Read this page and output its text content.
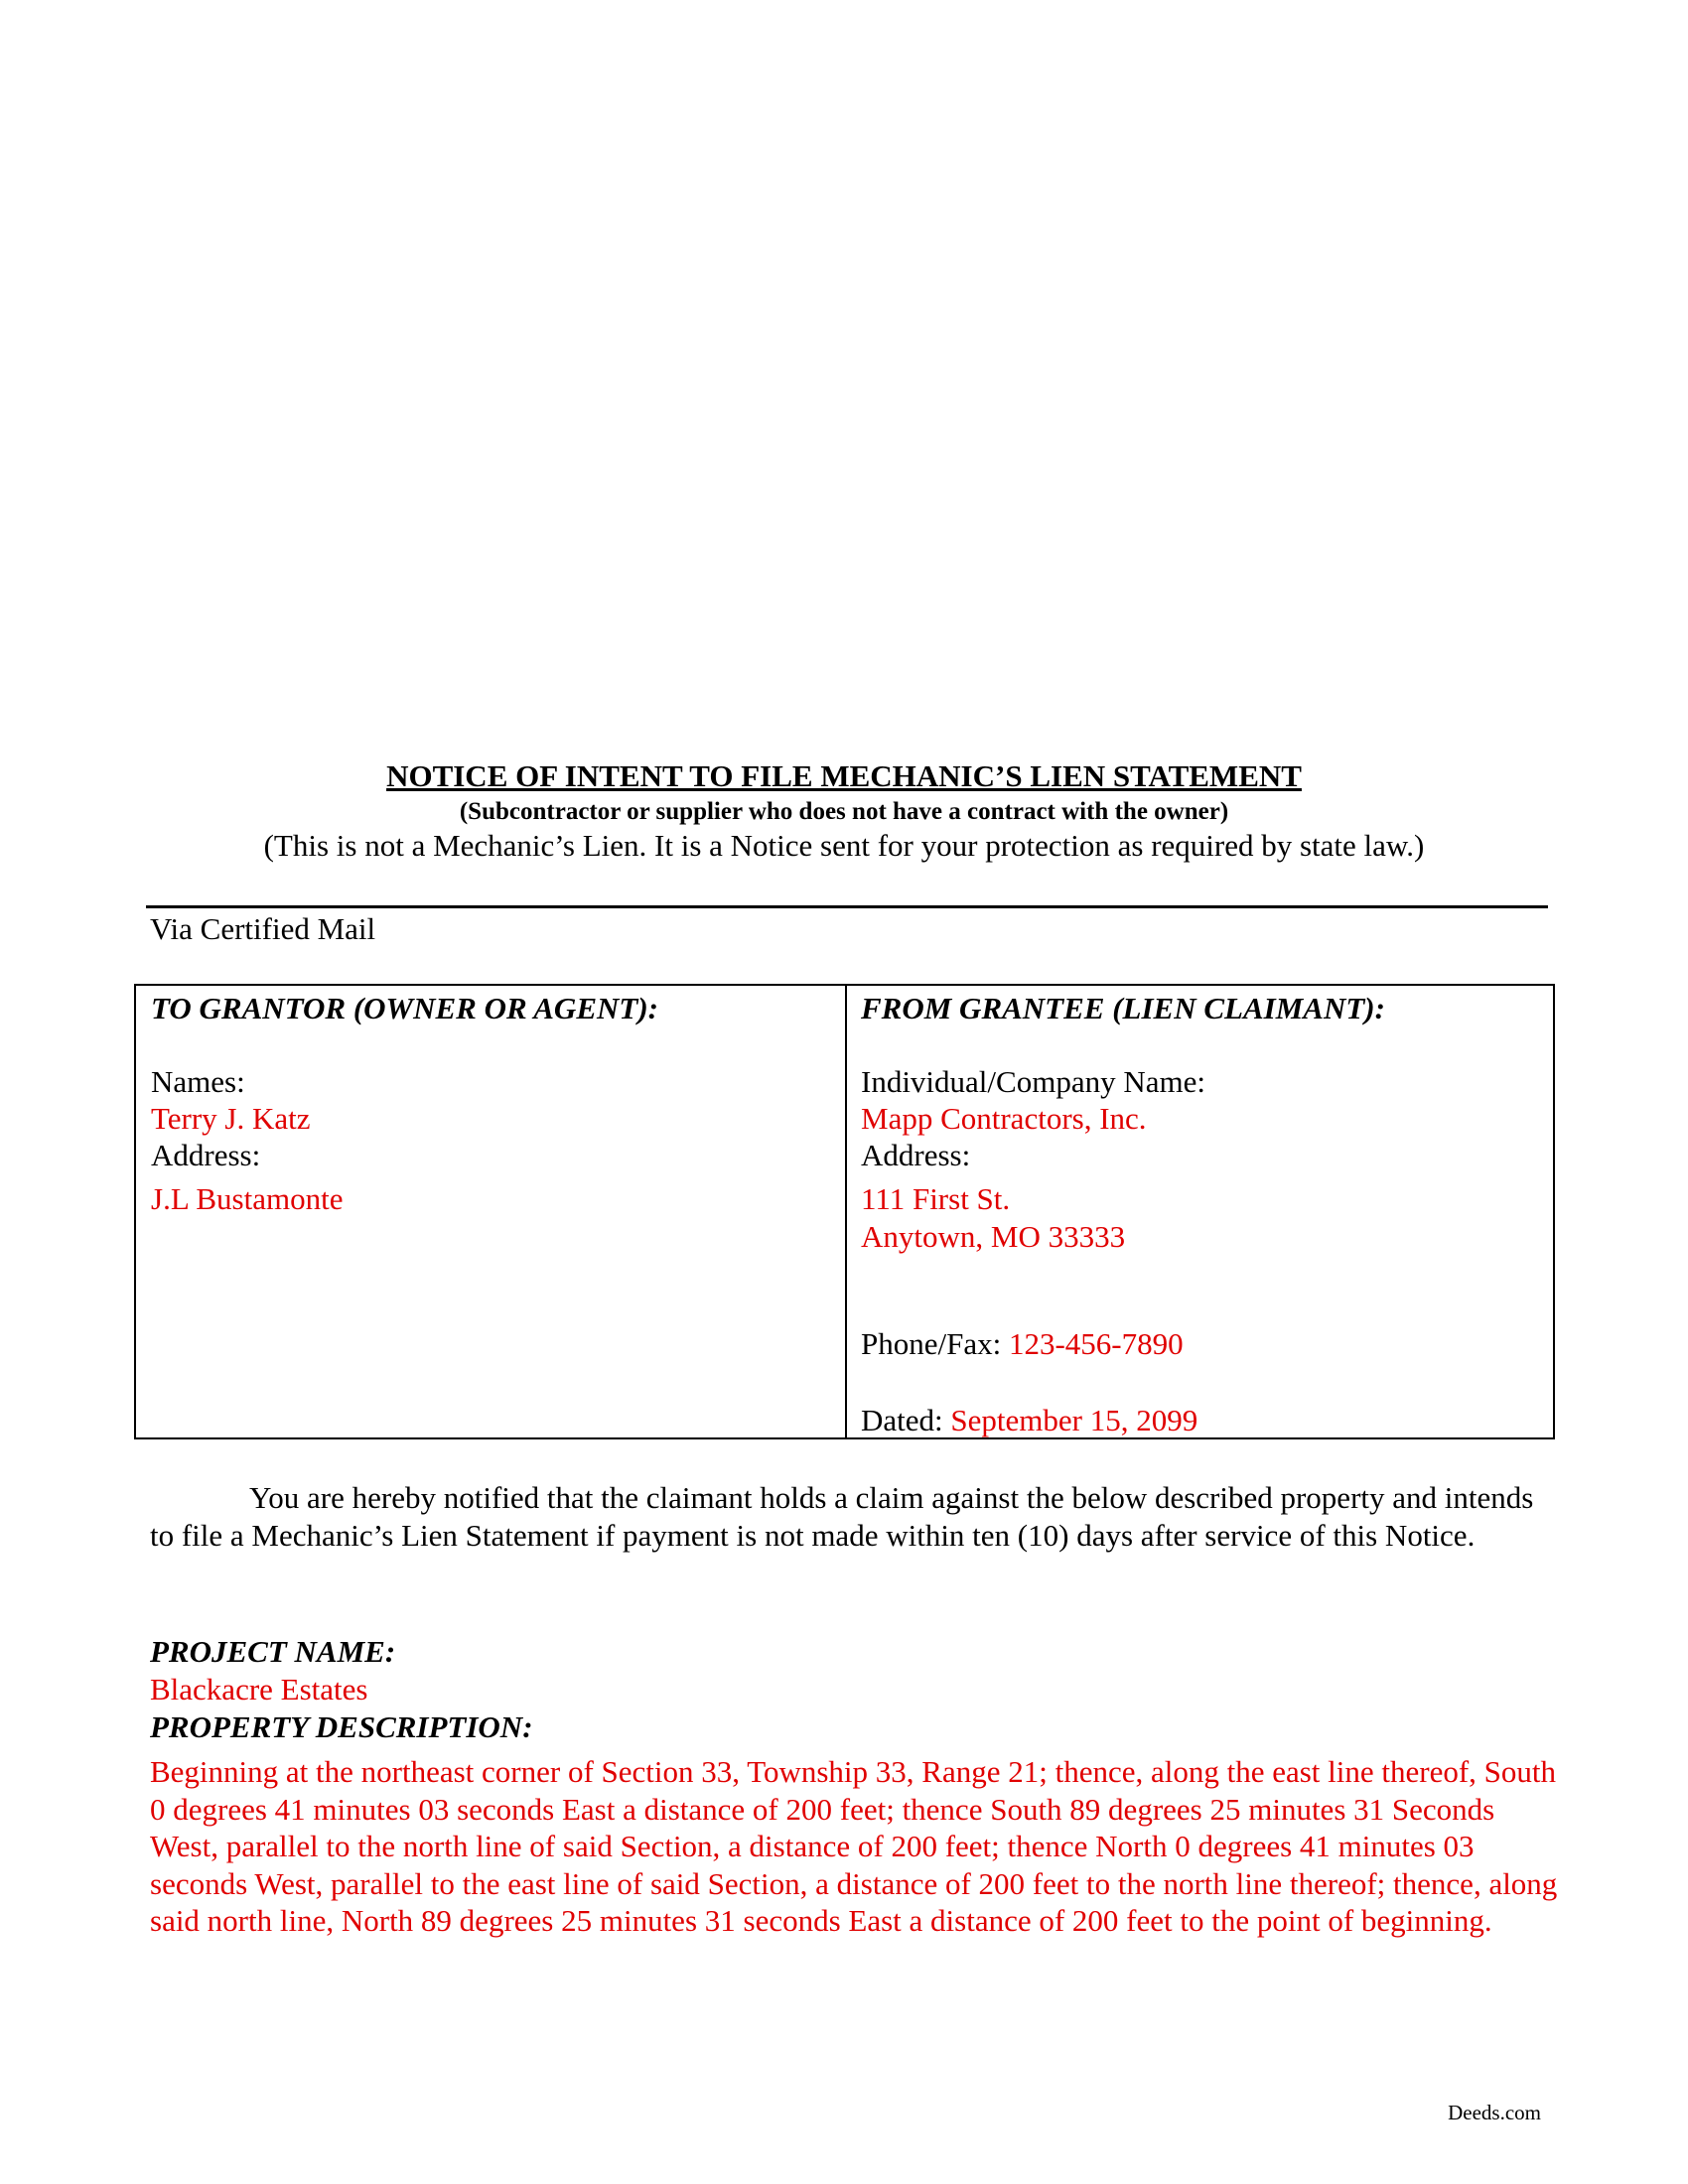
NOTICE OF INTENT TO FILE MECHANIC’S LIEN STATEMENT
(Subcontractor or supplier who does not have a contract with the owner)
(This is not a Mechanic’s Lien. It is a Notice sent for your protection as required by state law.)
Via Certified Mail
TO GRANTOR (OWNER OR AGENT):
Names:
Terry J. Katz
Address:
J.L Bustamonte
FROM GRANTEE (LIEN CLAIMANT):
Individual/Company Name:
Mapp Contractors, Inc.
Address:
111 First St.
Anytown, MO 33333
Phone/Fax: 123-456-7890
Dated: September 15, 2099

You are hereby notified that the claimant holds a claim against the below described property and intends to file a Mechanic’s Lien Statement if payment is not made within ten (10) days after service of this Notice.

PROJECT NAME:
Blackacre Estates
PROPERTY DESCRIPTION:

Beginning at the northeast corner of Section 33, Township 33, Range 21; thence, along the east line thereof, South 0 degrees 41 minutes 03 seconds East a distance of 200 feet; thence South 89 degrees 25 minutes 31 Seconds West, parallel to the north line of said Section, a distance of 200 feet; thence North 0 degrees 41 minutes 03 seconds West, parallel to the east line of said Section, a distance of 200 feet to the north line thereof; thence, along said north line, North 89 degrees 25 minutes 31 seconds East a distance of 200 feet to the point of beginning.

Deeds.com
